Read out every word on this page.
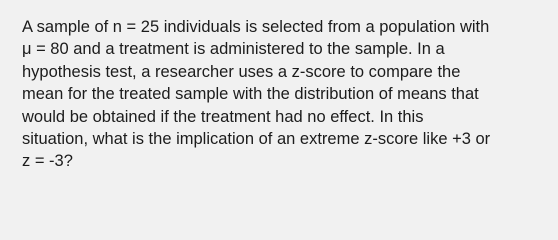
A sample of n = 25 individuals is selected from a population with
μ = 80 and a treatment is administered to the sample. In a
hypothesis test, a researcher uses a z-score to compare the
mean for the treated sample with the distribution of means that
would be obtained if the treatment had no effect. In this
situation, what is the implication of an extreme z-score like +3 or
z = -3?
